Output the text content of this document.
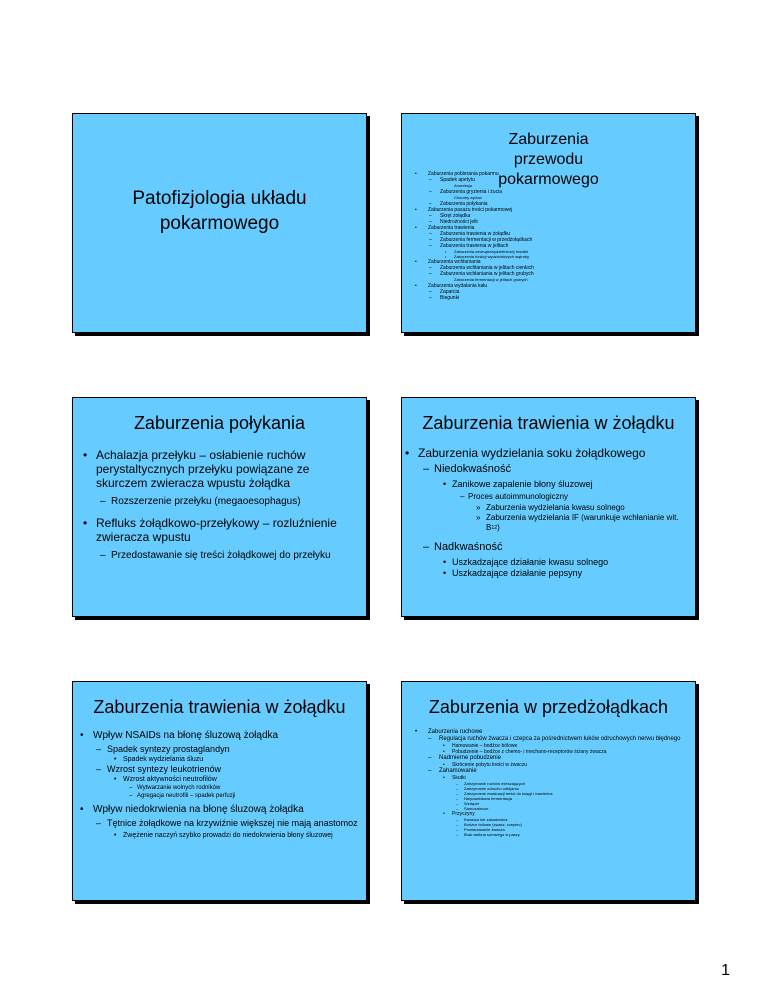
Patofizjologia układu pokarmowego
Zaburzenia przewodu pokarmowego
• Zaburzenia pobierania pokarmu
– Spadek apetytu
Anoreksja
– Zaburzenia gryzienia i żucia
Choroby zębów
– Zaburzenia połykania
• Zaburzenia pasażu treści pokarmowej
– Skręt żołądka
– Niedrożności jelit
• Zaburzenia trawienia
– Zaburzenia trawienia w żołądku
– Zaburzenia fermentacji w przedżołądkach
– Zaburzenia trawienia w jelitach
• Zaburzenia zewnątrzwydzielniczej trzustki
• Zaburzenia funkcji wydzielniczych wątroby
• Zaburzenia wchłaniania
– Zaburzenia wchłaniania w jelitach cienkich
– Zaburzenia wchłaniania w jelitach grubych
Zaburzenia fermentacji w jelitach grubych
• Zaburzenia wydalania kału
– Zaparcia
– Biegunki
Zaburzenia połykania
• Achalazja przełyku – osłabienie ruchów perystaltycznych przełyku powiązane ze skurczem zwieracza wpustu żołądka
– Rozszerzenie przełyku (megaoesophagus)
• Refluks żołądkowo-przełykowy – rozluźnienie zwieracza wpustu
– Przedostawanie się treści żołądkowej do przełyku
Zaburzenia trawienia w żołądku
• Zaburzenia wydzielania soku żołądkowego
– Niedokwaśność
• Zanikowe zapalenie błony śluzowej
– Proces autoimmunologiczny
» Zaburzenia wydzielania kwasu solnego
» Zaburzenia wydzielania IF (warunkuje wchłanianie wit. $B^{12}$)
– Nadkwaśność
• Uszkadzające działanie kwasu solnego
• Uszkadzające działanie pepsyny
Zaburzenia trawienia w żołądku
• Wpływ NSAIDs na błonę śluzową żołądka
– Spadek syntezy prostaglandyn
• Spadek wydzielania śluzu
– Wzrost syntezy leukotrienów
• Wzrost aktywności neutrofilów
– Wytwarzanie wolnych rodników
– Agregacja neutrofili – spadek perfuzji
• Wpływ niedokrwienia na błonę śluzową żołądka
– Tętnice żołądkowe na krzywiźnie większej nie mają anastomoz
• Zwężenie naczyń szybko prowadzi do niedokrwienia błony śluzowej
Zaburzenia w przedżołądkach
• Zaburzenia ruchowe
– Regulacja ruchów żwacza i czepca za pośrednictwem łuków odruchowych nerwu błędnego
• Hamowanie – bodźce bólowe
• Pobudzenie – bodźce z chemo- i mechano-receptorów ściany żwacza
– Nadmierne pobudzenie
• Skrócenie pobytu treści w żwaczu
– Zahamowanie
• Skutki
– Zatrzymanie ruchów mieszających
– Zatrzymanie odruchu odbijania
– Zatrzymanie ewakuacji treści do księgi i trawieńca
– Nieprawidłowa fermentacja
– Wzdęcie
– Samozatrucie
• Przyczyny
– Kwasica lub zasadowica
– Bodźce bólowe (zwacz, czepiec)
– Przeładowanie żwacza
– Brak włókna surowego w paszy
1
